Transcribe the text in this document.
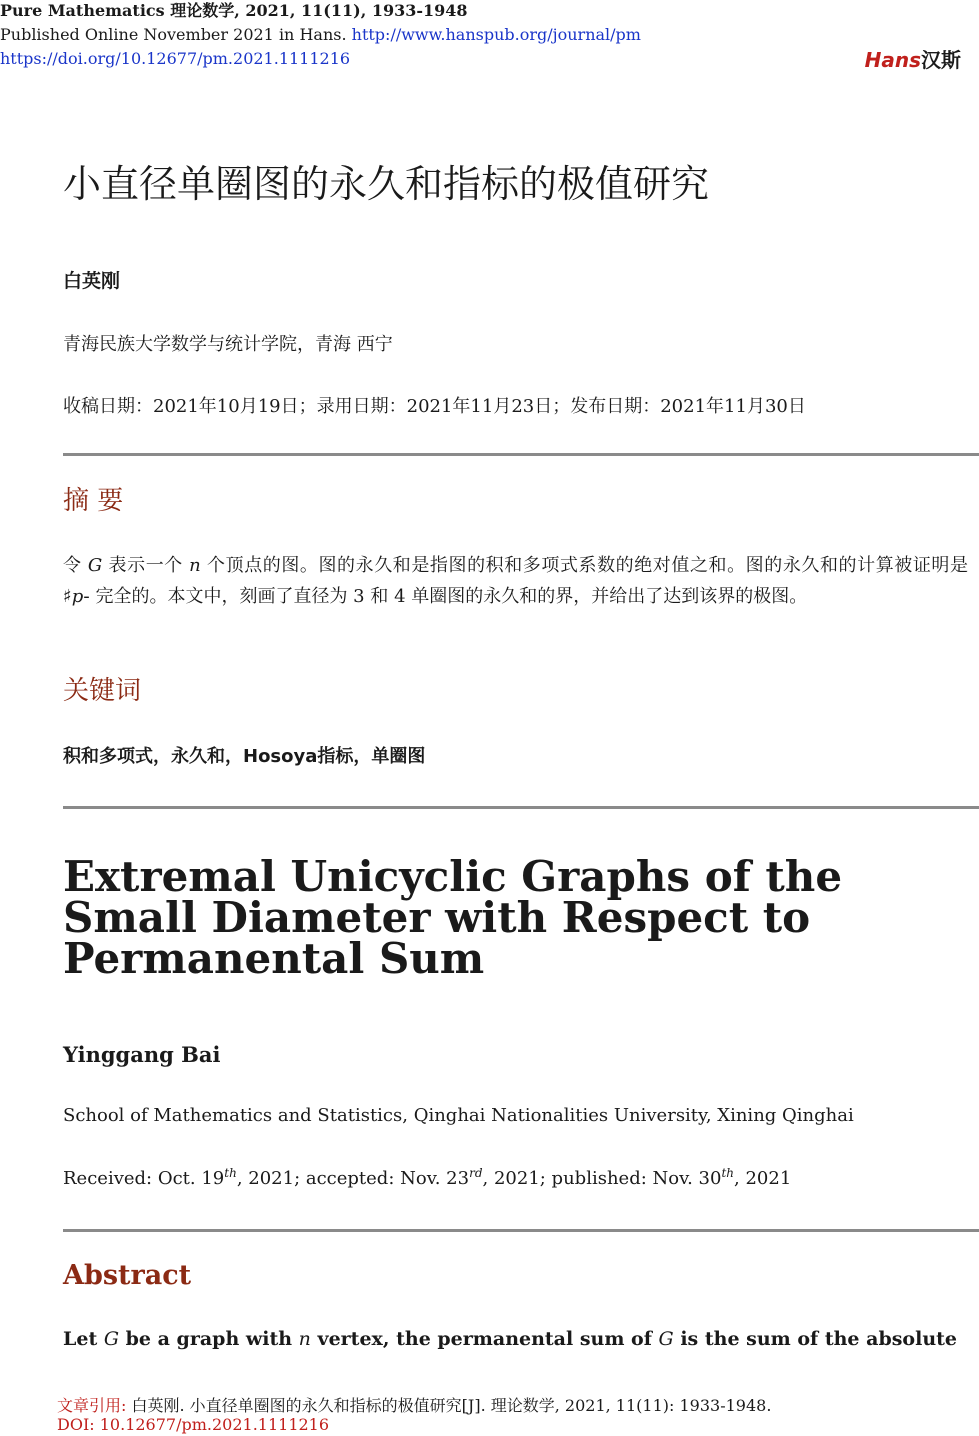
Pure Mathematics 理论数学, 2021, 11(11), 1933-1948
Published Online November 2021 in Hans. http://www.hanspub.org/journal/pm
https://doi.org/10.12677/pm.2021.1111216	Hans汉斯
小直径单圈图的永久和指标的极值研究
白英刚
青海民族大学数学与统计学院，青海 西宁
收稿日期：2021年10月19日；录用日期：2021年11月23日；发布日期：2021年11月30日
摘 要
令 G 表示一个 n 个顶点的图。图的永久和是指图的积和多项式系数的绝对值之和。图的永久和的计算被证明是 ♯p- 完全的。本文中，刻画了直径为 3 和 4 单圈图的永久和的界，并给出了达到该界的极图。
关键词
积和多项式，永久和，Hosoya指标，单圈图
Extremal Unicyclic Graphs of the Small Diameter with Respect to Permanental Sum
Yinggang Bai
School of Mathematics and Statistics, Qinghai Nationalities University, Xining Qinghai
Received: Oct. 19th, 2021; accepted: Nov. 23rd, 2021; published: Nov. 30th, 2021
Abstract
Let G be a graph with n vertex, the permanental sum of G is the sum of the absolute
文章引用: 白英刚. 小直径单圈图的永久和指标的极值研究[J]. 理论数学, 2021, 11(11): 1933-1948.
DOI: 10.12677/pm.2021.1111216
